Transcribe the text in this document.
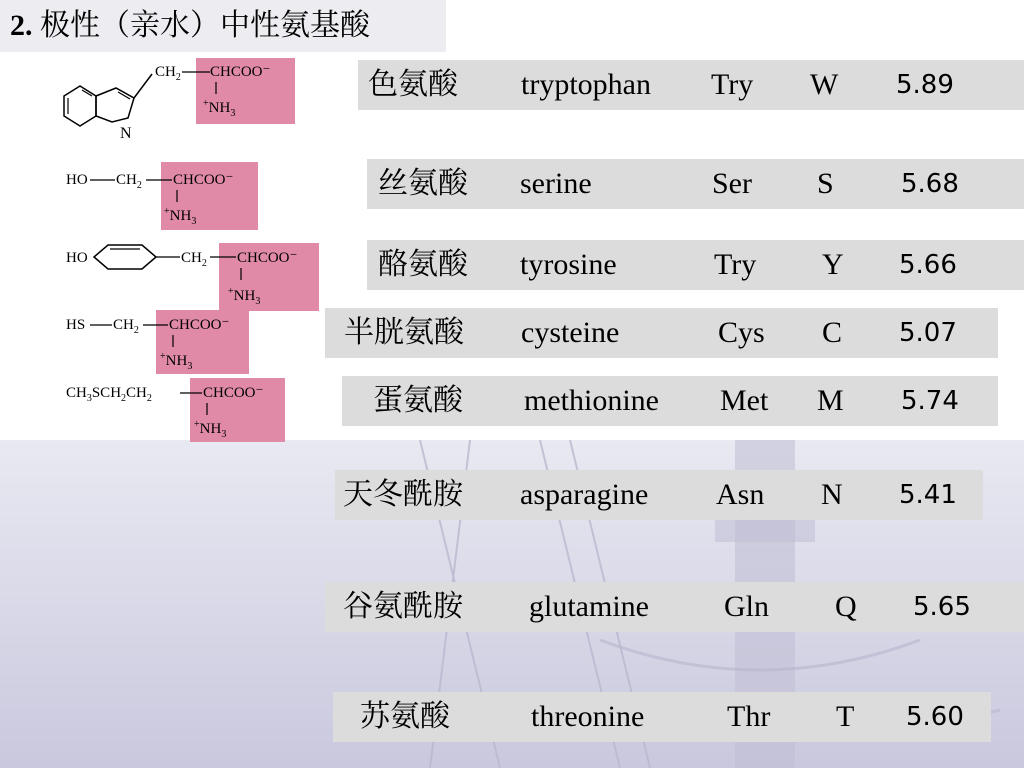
2. 极性（亲水）中性氨基酸
N
$CH_2$ CHCOO⁻
$^+NH_3$
HO $CH_2$ CHCOO⁻
$^+NH_3$
HO	$CH_2$ CHCOO⁻
$^+NH_3$
HS $CH_2$ CHCOO⁻
$^+NH_3$
$CH_3SCH_2CH_2$	CHCOO⁻
$^+NH_3$
色氨酸 tryptophan Try W 5.89
丝氨酸 serine	Ser S	5.68
酪氨酸 tyrosine	Try Y 5.66
半胱氨酸 cysteine	Cys C 5.07
蛋氨酸 methionine Met M 5.74
天冬酰胺 asparagine Asn N 5.41
谷氨酰胺 glutamine	Gln Q 5.65
苏氨酸	threonine	Thr T 5.60
